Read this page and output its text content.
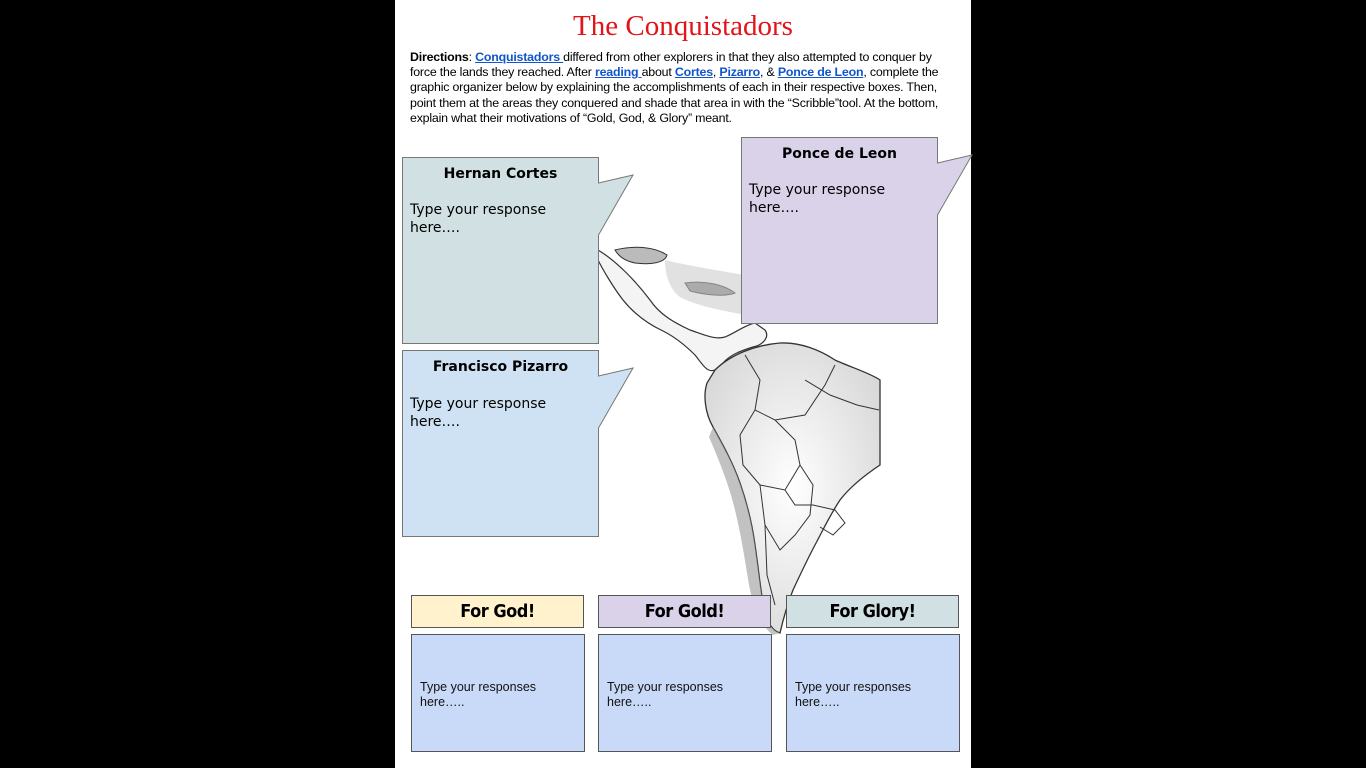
The Conquistadors
Directions: Conquistadors differed from other explorers in that they also attempted to conquer by force the lands they reached. After reading about Cortes, Pizarro, & Ponce de Leon, complete the graphic organizer below by explaining the accomplishments of each in their respective boxes. Then, point them at the areas they conquered and shade that area in with the “Scribble”tool. At the bottom, explain what their motivations of “Gold, God, & Glory” meant.
Hernan Cortes
Type your response here….
Francisco Pizarro
Type your response here….
Ponce de Leon
Type your response here….
For God!	For Gold!	For Glory!
Type your responses here…..
Type your responses here…..
Type your responses here…..
